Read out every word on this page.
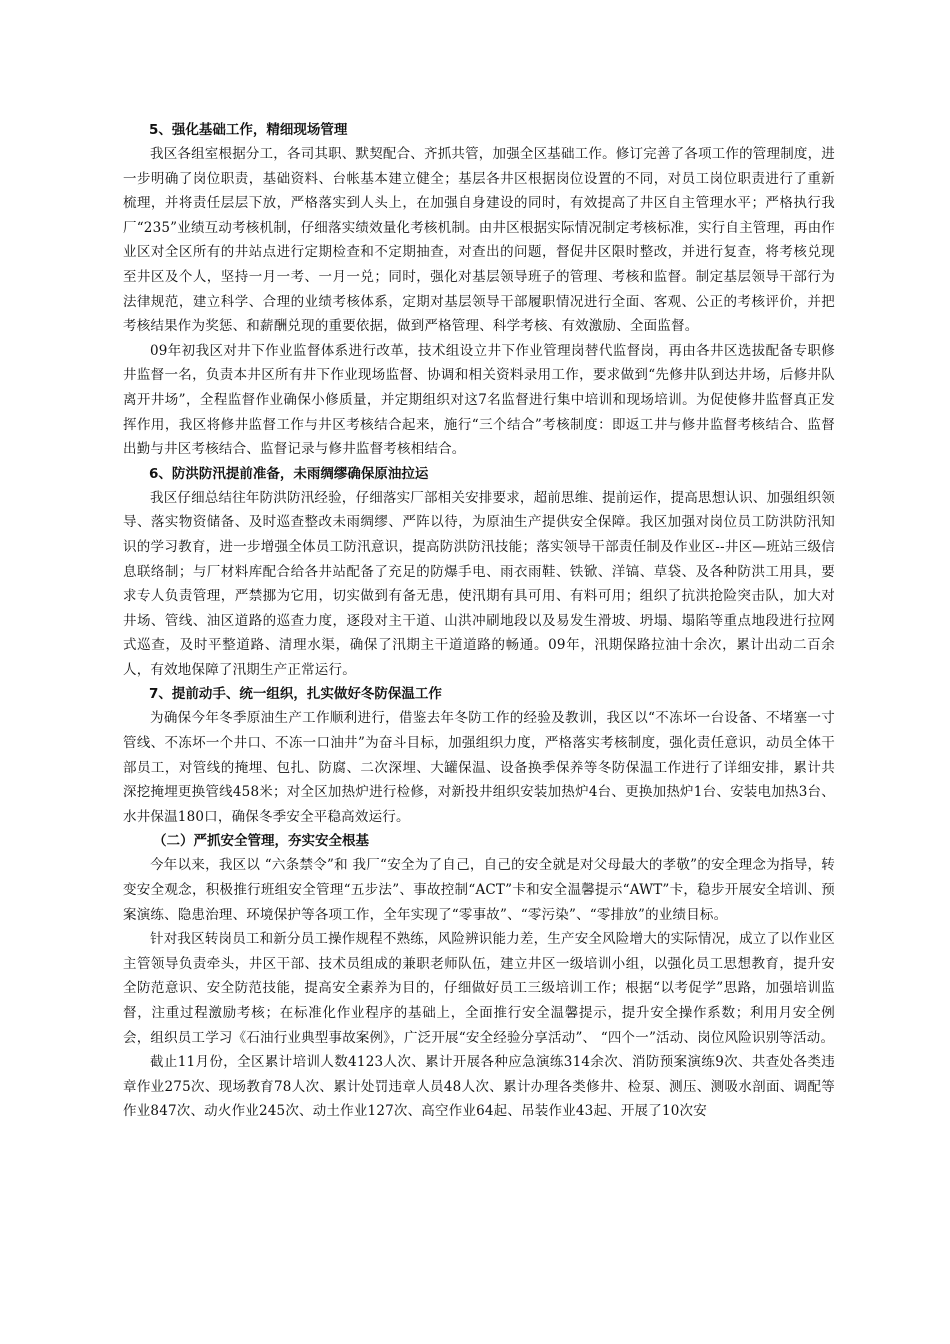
5、强化基础工作，精细现场管理

我区各组室根据分工，各司其职、默契配合、齐抓共管，加强全区基础工作。修订完善了各项工作的管理制度，进一步明确了岗位职责，基础资料、台帐基本建立健全；基层各井区根据岗位设置的不同，对员工岗位职责进行了重新梳理，并将责任层层下放，严格落实到人头上，在加强自身建设的同时，有效提高了井区自主管理水平；严格执行我厂“235”业绩互动考核机制，仔细落实绩效量化考核机制。由井区根据实际情况制定考核标准，实行自主管理，再由作业区对全区所有的井站点进行定期检查和不定期抽查，对查出的问题，督促井区限时整改，并进行复查，将考核兑现至井区及个人，坚持一月一考、一月一兑；同时，强化对基层领导班子的管理、考核和监督。制定基层领导干部行为法律规范，建立科学、合理的业绩考核体系，定期对基层领导干部履职情况进行全面、客观、公正的考核评价，并把考核结果作为奖惩、和薪酬兑现的重要依据，做到严格管理、科学考核、有效激励、全面监督。

09年初我区对井下作业监督体系进行改革，技术组设立井下作业管理岗替代监督岗，再由各井区选拔配备专职修井监督一名，负责本井区所有井下作业现场监督、协调和相关资料录用工作，要求做到“先修井队到达井场，后修井队离开井场”，全程监督作业确保小修质量，并定期组织对这7名监督进行集中培训和现场培训。为促使修井监督真正发挥作用，我区将修井监督工作与井区考核结合起来，施行“三个结合”考核制度：即返工井与修井监督考核结合、监督出勤与井区考核结合、监督记录与修井监督考核相结合。

6、防洪防汛提前准备，未雨绸缪确保原油拉运

我区仔细总结往年防洪防汛经验，仔细落实厂部相关安排要求，超前思维、提前运作，提高思想认识、加强组织领导、落实物资储备、及时巡查整改未雨绸缪、严阵以待，为原油生产提供安全保障。我区加强对岗位员工防洪防汛知识的学习教育，进一步增强全体员工防汛意识，提高防洪防汛技能；落实领导干部责任制及作业区--井区—班站三级信息联络制；与厂材料库配合给各井站配备了充足的防爆手电、雨衣雨鞋、铁锨、洋镐、草袋、及各种防洪工用具，要求专人负责管理，严禁挪为它用，切实做到有备无患，使汛期有具可用、有料可用；组织了抗洪抢险突击队，加大对井场、管线、油区道路的巡查力度，逐段对主干道、山洪冲刷地段以及易发生滑坡、坍塌、塌陷等重点地段进行拉网式巡查，及时平整道路、清理水渠，确保了汛期主干道道路的畅通。09年，汛期保路拉油十余次，累计出动二百余人，有效地保障了汛期生产正常运行。

7、提前动手、统一组织，扎实做好冬防保温工作

为确保今年冬季原油生产工作顺利进行，借鉴去年冬防工作的经验及教训，我区以“不冻坏一台设备、不堵塞一寸管线、不冻坏一个井口、不冻一口油井”为奋斗目标，加强组织力度，严格落实考核制度，强化责任意识，动员全体干部员工，对管线的掩埋、包扎、防腐、二次深埋、大罐保温、设备换季保养等冬防保温工作进行了详细安排，累计共深挖掩埋更换管线458米；对全区加热炉进行检修，对新投井组织安装加热炉4台、更换加热炉1台、安装电加热3台、水井保温180口，确保冬季安全平稳高效运行。

（二）严抓安全管理，夯实安全根基

今年以来，我区以 “六条禁令”和 我厂“安全为了自己，自己的安全就是对父母最大的孝敬”的安全理念为指导，转变安全观念，积极推行班组安全管理“五步法”、事故控制“ACT”卡和安全温馨提示“AWT”卡，稳步开展安全培训、预案演练、隐患治理、环境保护等各项工作，全年实现了“零事故”、“零污染”、“零排放”的业绩目标。

针对我区转岗员工和新分员工操作规程不熟练，风险辨识能力差，生产安全风险增大的实际情况，成立了以作业区主管领导负责牵头，井区干部、技术员组成的兼职老师队伍，建立井区一级培训小组，以强化员工思想教育，提升安全防范意识、安全防范技能，提高安全素养为目的，仔细做好员工三级培训工作；根据“以考促学”思路，加强培训监督，注重过程激励考核；在标准化作业程序的基础上，全面推行安全温馨提示，提升安全操作系数；利用月安全例会，组织员工学习《石油行业典型事故案例》，广泛开展“安全经验分享活动”、 “四个一”活动、岗位风险识别等活动。

截止11月份，全区累计培训人数4123人次、累计开展各种应急演练314余次、消防预案演练9次、共查处各类违章作业275次、现场教育78人次、累计处罚违章人员48人次、累计办理各类修井、检泵、测压、测吸水剖面、调配等作业847次、动火作业245次、动土作业127次、高空作业64起、吊装作业43起、开展了10次安
